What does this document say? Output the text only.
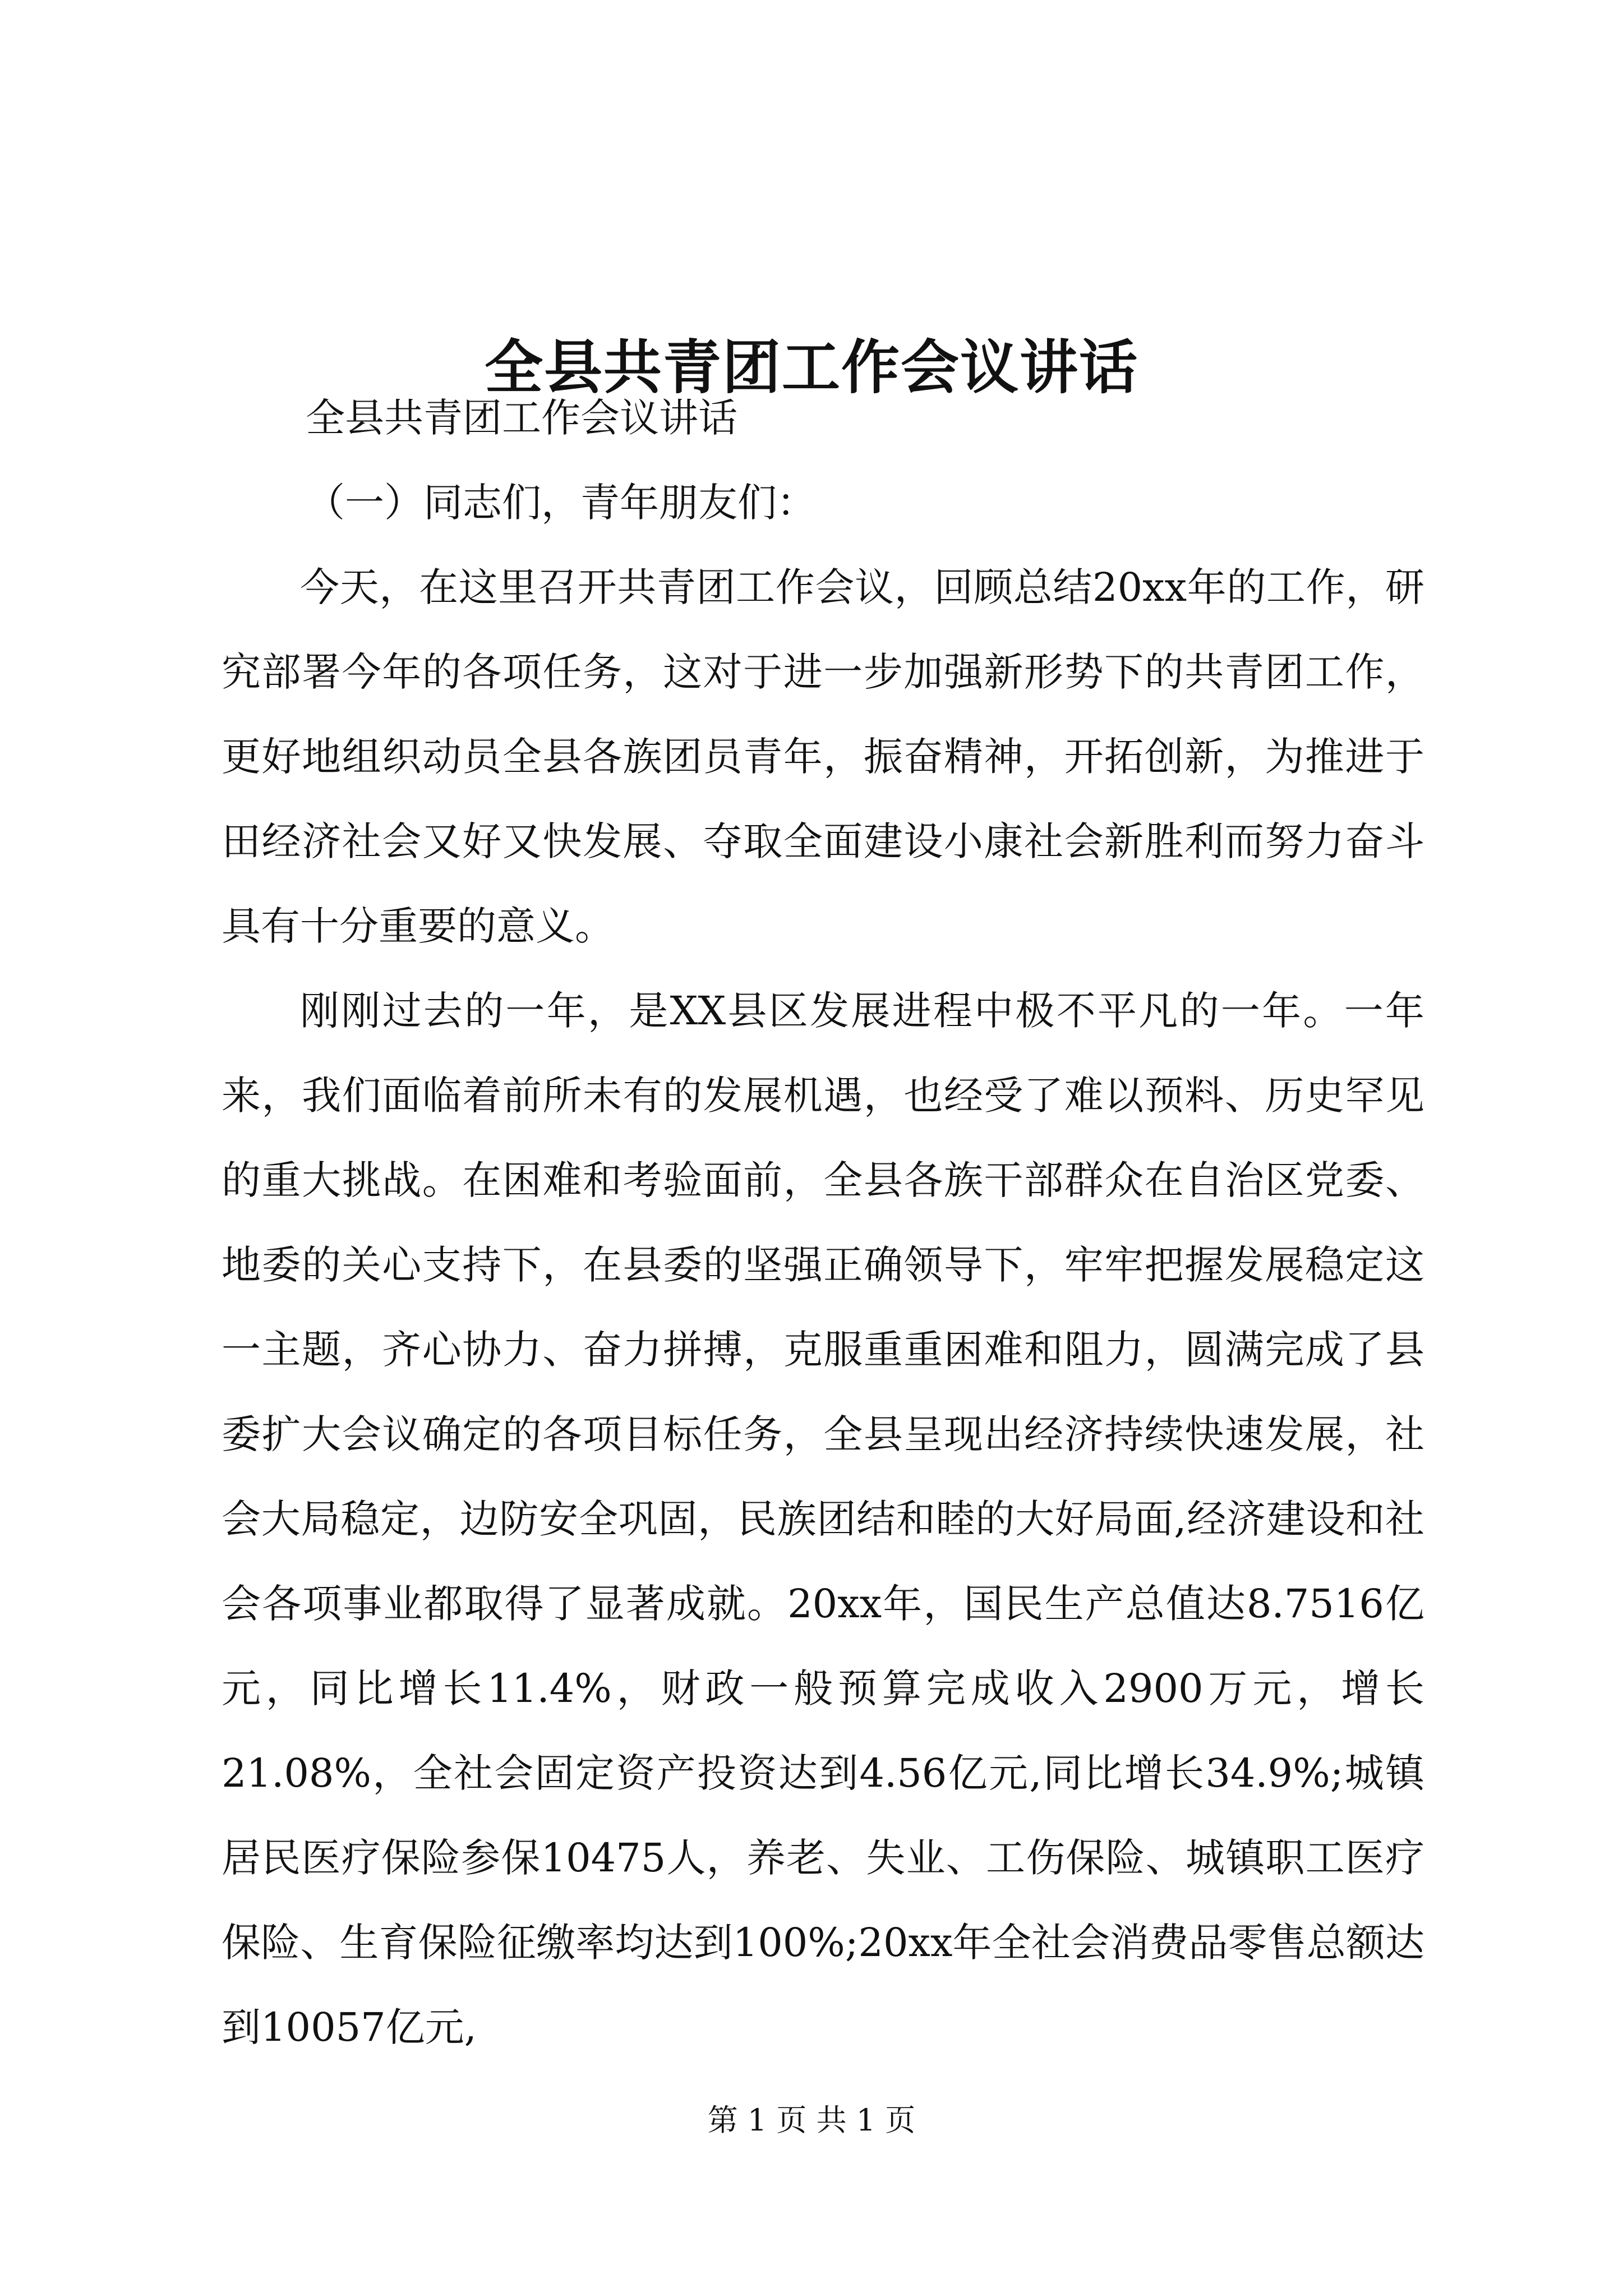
全县共青团工作会议讲话

全县共青团工作会议讲话

（一）同志们，青年朋友们：

今天，在这里召开共青团工作会议，回顾总结20xx年的工作，研究部署今年的各项任务，这对于进一步加强新形势下的共青团工作，更好地组织动员全县各族团员青年，振奋精神，开拓创新，为推进于田经济社会又好又快发展、夺取全面建设小康社会新胜利而努力奋斗具有十分重要的意义。

刚刚过去的一年，是XX县区发展进程中极不平凡的一年。一年来，我们面临着前所未有的发展机遇，也经受了难以预料、历史罕见的重大挑战。在困难和考验面前，全县各族干部群众在自治区党委、地委的关心支持下，在县委的坚强正确领导下，牢牢把握发展稳定这一主题，齐心协力、奋力拼搏，克服重重困难和阻力，圆满完成了县委扩大会议确定的各项目标任务，全县呈现出经济持续快速发展，社会大局稳定，边防安全巩固，民族团结和睦的大好局面,经济建设和社会各项事业都取得了显著成就。20xx年，国民生产总值达8.7516亿元，同比增长11.4%，财政一般预算完成收入2900万元，增长21.08%，全社会固定资产投资达到4.56亿元,同比增长34.9%;城镇居民医疗保险参保10475人，养老、失业、工伤保险、城镇职工医疗保险、生育保险征缴率均达到100%;20xx年全社会消费品零售总额达到10057亿元,

第 1 页 共 1 页
